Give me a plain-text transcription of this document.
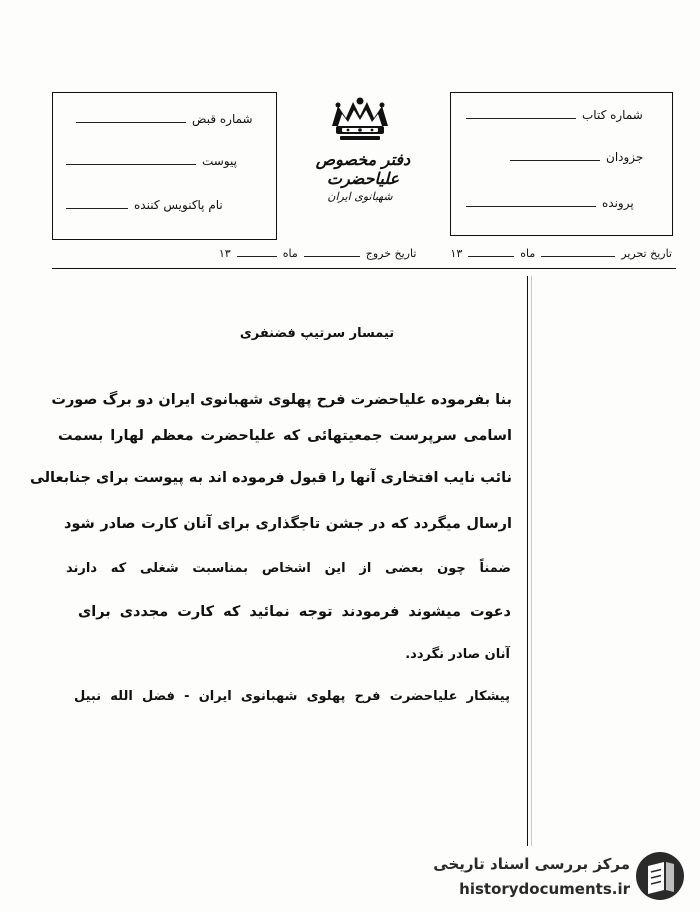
شماره قبض
پیوست
نام پاکنویس کننده
دفتر مخصوص علیاحضرت
شهبانوی ایران
شماره کتاب
جزودان
پرونده
تاریخ تحریر
ماه
۱۳
تاریخ خروج
ماه
۱۳
تیمسار سرتیپ فضنفری
بنا بفرموده علیاحضرت فرح پهلوی شهبانوی ایران دو برگ صورت
اسامی سرپرست جمعیتهائی که علیاحضرت معظم لهارا بسمت
نائب نایب افتخاری آنها را قبول فرموده اند به پیوست برای جنابعالی
ارسال میگردد که در جشن تاجگذاری برای آنان کارت صادر شود
ضمناً چون بعضی از این اشخاص بمناسبت شغلی که دارند
دعوت میشوند فرمودند توجه نمائید که کارت مجددی برای
آنان صادر نگردد.
پیشکار علیاحضرت فرح پهلوی شهبانوی ایران - فضل الله نبیل
مرکز بررسی اسناد تاریخی
historydocuments.ir
